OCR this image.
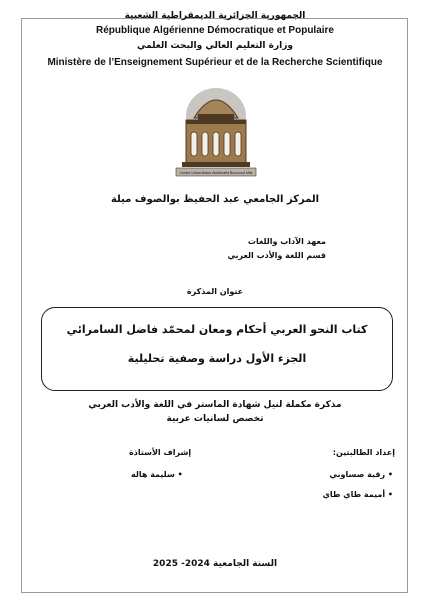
الجمهورية الجزائرية الديمقراطية الشعبية
République Algérienne Démocratique et Populaire
وزارة التعليم العالي والبحث العلمي
Ministère de l’Enseignement Supérieur et de la Recherche Scientifique
Centre Universitaire Abdelhafid Boussouf Mila
المركز الجامعي عبد الحفيظ بوالصوف ميلة
معهد الآداب واللغات
قسم اللغة والأدب العربي
عنوان المذكرة
كتاب النحو العربي أحكام ومعان لمحمّد فاضل السامرائي
الجزء الأول دراسة وصفية تحليلية
مذكرة مكملة لنيل شهادة الماستر في اللغة والأدب العربي
تخصص لسانيات عربية
إعداد الطالبتين:
• رقية صساوبي
• أميمة طاي طاي
إشراف الأستاذة
• سليمة هاله
السنة الجامعية 2024- 2025
